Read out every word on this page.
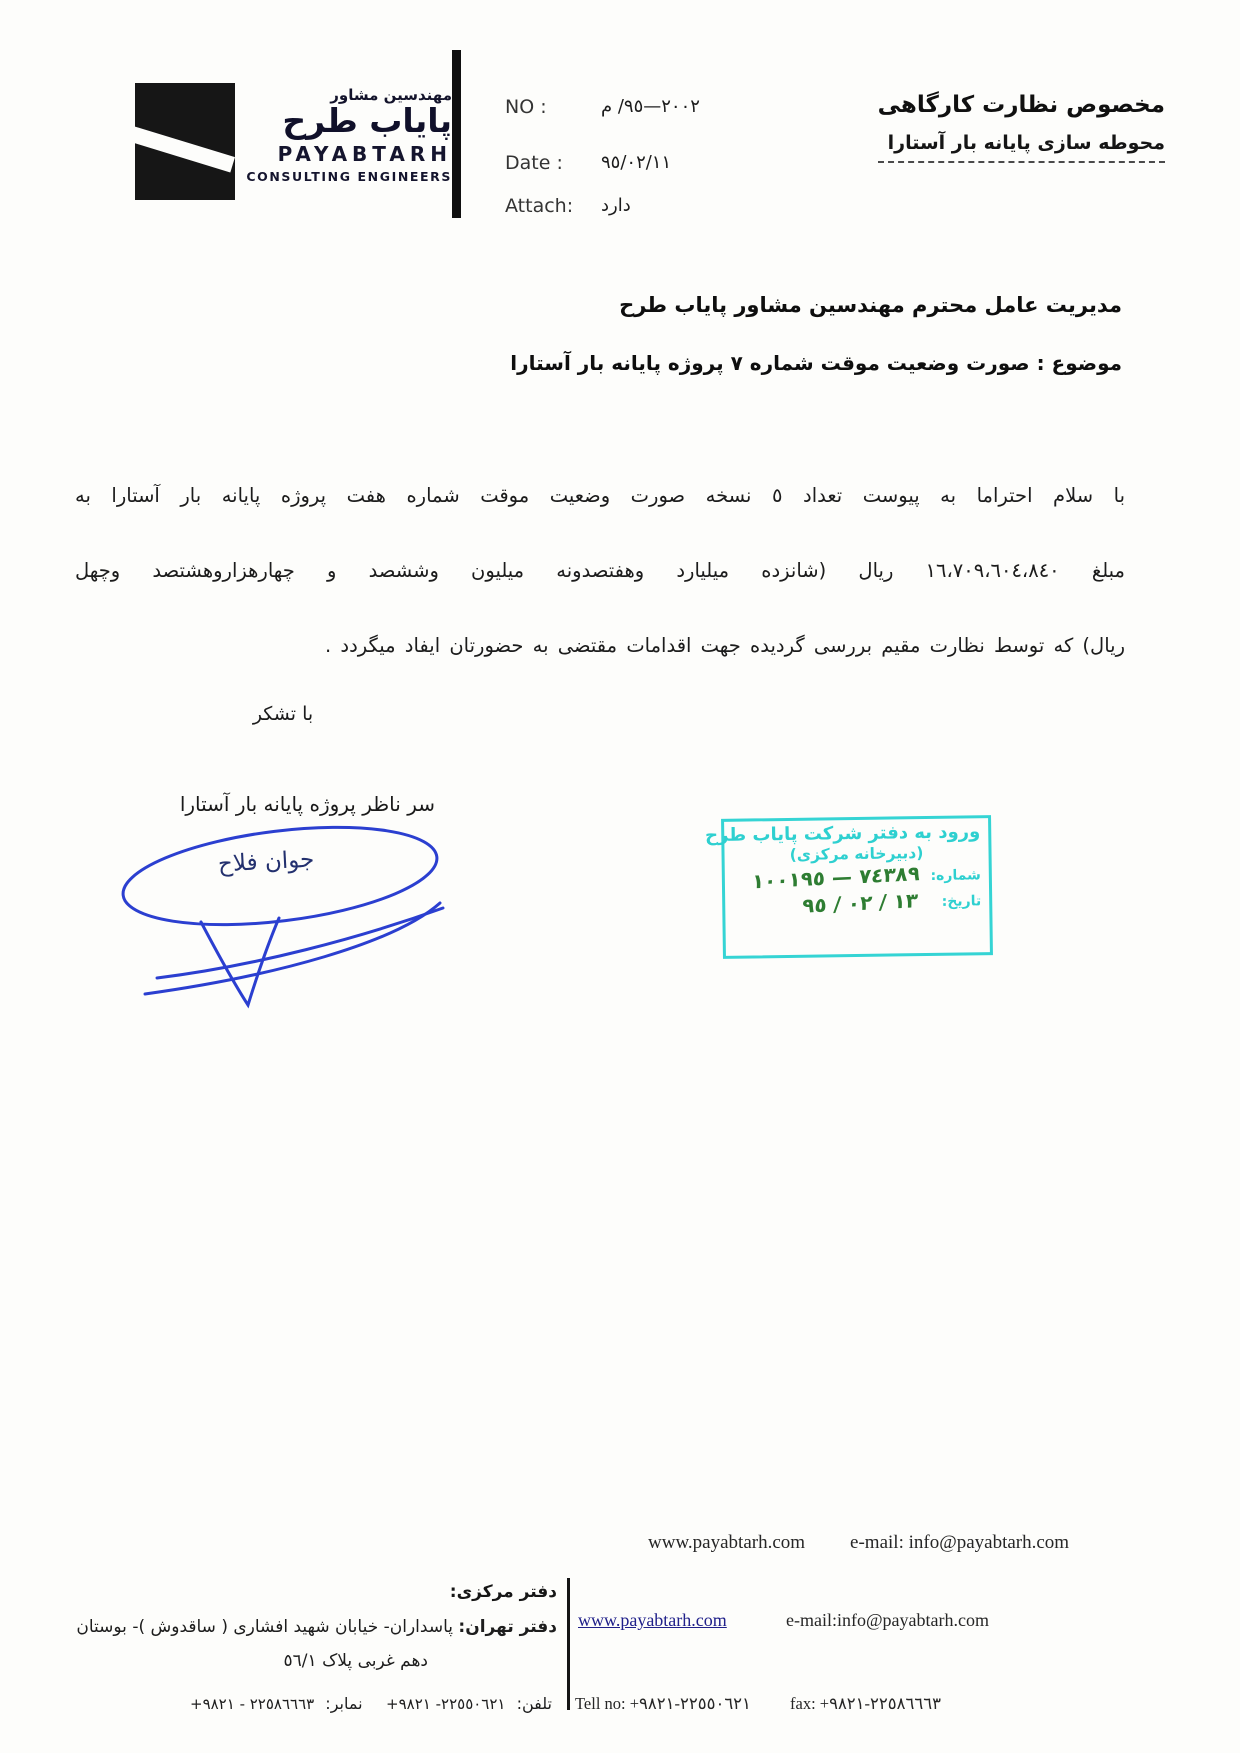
مهندسین مشاور
پایاب طرح
PAYABTARH
CONSULTING ENGINEERS
NO :	م /٩٥—٢٠٠٢
Date :	٩٥/٠٢/١١
Attach:	دارد
مخصوص نظارت کارگاهی
محوطه سازی پایانه بار آستارا
مدیریت عامل محترم مهندسین مشاور پایاب طرح
موضوع : صورت وضعیت موقت شماره ٧ پروژه پایانه بار آستارا
با سلام احتراما به پیوست تعداد ٥ نسخه صورت وضعیت موقت شماره هفت پروژه پایانه بار آستارا به
مبلغ ١٦،٧٠٩،٦٠٤،٨٤٠ ریال (شانزده میلیارد وهفتصدونه میلیون وششصد و چهارهزاروهشتصد وچهل
ریال) که توسط نظارت مقیم بررسی گردیده جهت اقدامات مقتضی به حضورتان ایفاد میگردد .
با تشکر
سر ناظر پروژه پایانه بار آستارا
جوان فلاح
ورود به دفتر شرکت پایاب طرح
(دبیرخانه مرکزی)
شماره:
١٠٠١٩٥ — ٧٤٣٨٩
تاریخ:
٩٥ / ٠٢ / ١٣
www.payabtarh.com e-mail: info@payabtarh.com
دفتر مرکزی:
دفتر تهران: پاسداران- خیابان شهید افشاری ( ساقدوش )- بوستان
دهم غربی پلاک ٥٦/١
تلفن: +٩٨٢١ -٢٢٥٥٠٦٢١
نمابر: +٩٨٢١ - ٢٢٥٨٦٦٦٣
www.payabtarh.com	e-mail:info@payabtarh.com
Tell no: +٩٨٢١-٢٢٥٥٠٦٢١ fax: +٩٨٢١-٢٢٥٨٦٦٦٣
